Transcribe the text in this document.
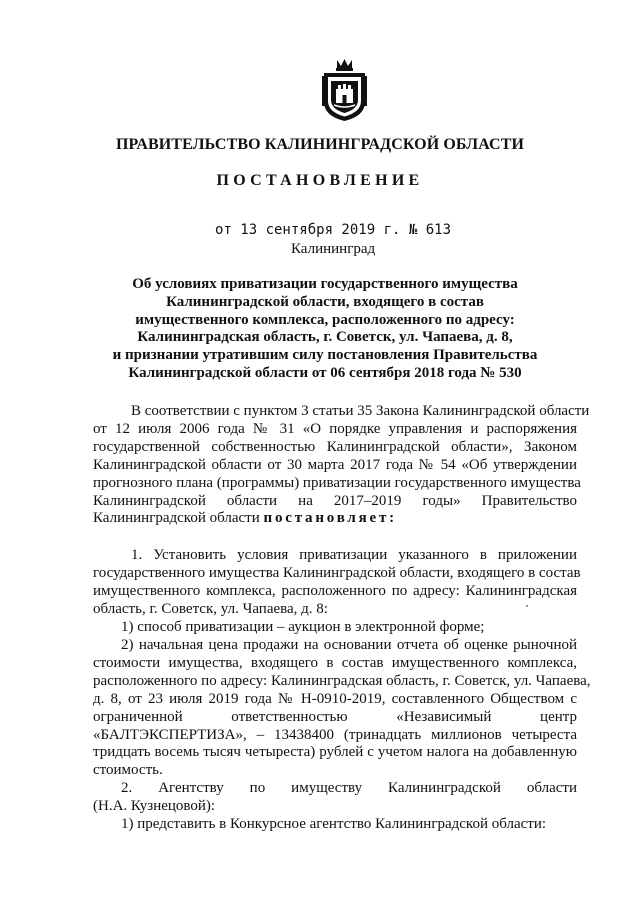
ПРАВИТЕЛЬСТВО КАЛИНИНГРАДСКОЙ ОБЛАСТИ
ПОСТАНОВЛЕНИЕ
от 13 сентября 2019 г. № 613
Калининград
Об условиях приватизации государственного имущества
Калининградской области, входящего в состав
имущественного комплекса, расположенного по адресу:
Калининградская область, г. Советск, ул. Чапаева, д. 8,
и признании утратившим силу постановления Правительства
Калининградской области от 06 сентября 2018 года № 530
В соответствии с пунктом 3 статьи 35 Закона Калининградской области
от 12 июля 2006 года № 31 «О порядке управления и распоряжения
государственной собственностью Калининградской области», Законом
Калининградской области от 30 марта 2017 года № 54 «Об утверждении
прогнозного плана (программы) приватизации государственного имущества
Калининградской области на 2017–2019 годы» Правительство
Калининградской области постановляет:
1. Установить условия приватизации указанного в приложении
государственного имущества Калининградской области, входящего в состав
имущественного комплекса, расположенного по адресу: Калининградская
область, г. Советск, ул. Чапаева, д. 8:
1) способ приватизации – аукцион в электронной форме;
2) начальная цена продажи на основании отчета об оценке рыночной
стоимости имущества, входящего в состав имущественного комплекса,
расположенного по адресу: Калининградская область, г. Советск, ул. Чапаева,
д. 8, от 23 июля 2019 года № Н-0910-2019, составленного Обществом с
ограниченной ответственностью «Независимый центр
«БАЛТЭКСПЕРТИЗА», – 13438400 (тринадцать миллионов четыреста
тридцать восемь тысяч четыреста) рублей с учетом налога на добавленную
стоимость.
2. Агентству по имуществу Калининградской области
(Н.А. Кузнецовой):
1) представить в Конкурсное агентство Калининградской области:
